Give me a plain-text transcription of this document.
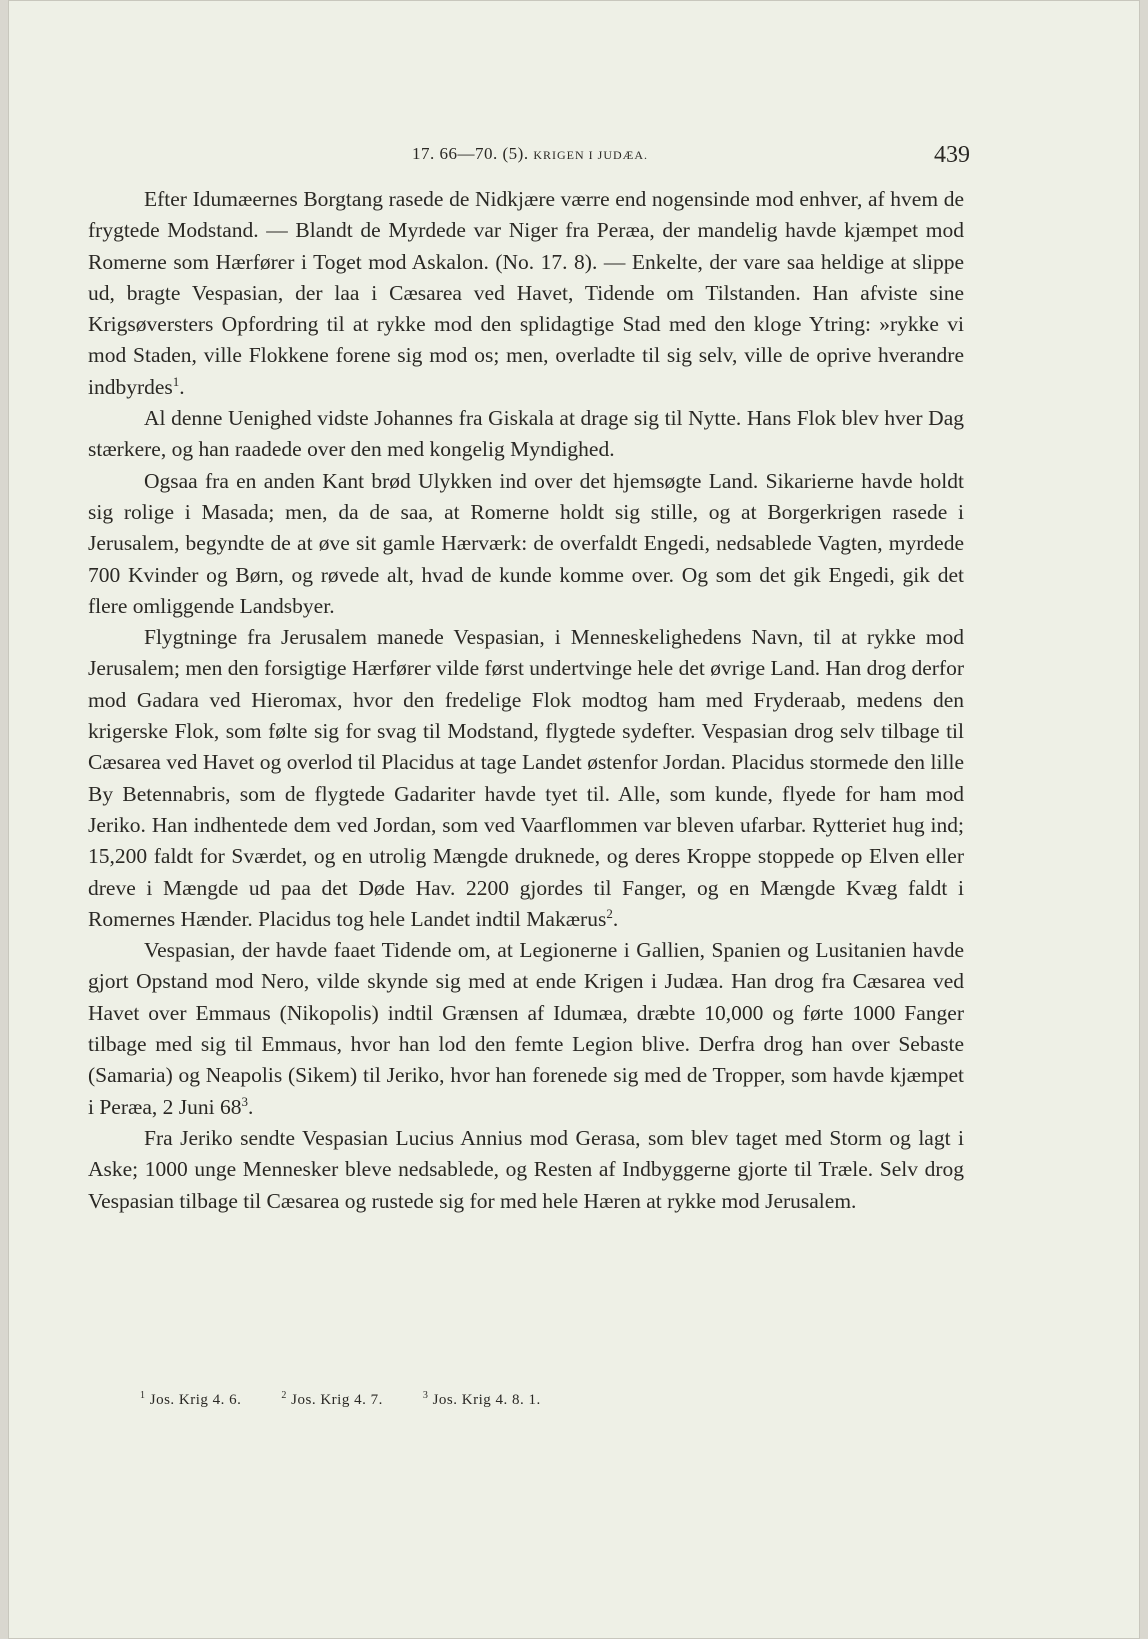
17. 66—70. (5). KRIGEN I JUDÆA.	439

Efter Idumæernes Borgtang rasede de Nidkjære værre end nogensinde mod enhver, af hvem de frygtede Modstand. — Blandt de Myrdede var Niger fra Peræa, der mandelig havde kjæmpet mod Romerne som Hærfører i Toget mod Askalon. (No. 17. 8). — Enkelte, der vare saa heldige at slippe ud, bragte Vespasian, der laa i Cæsarea ved Havet, Tidende om Tilstanden. Han afviste sine Krigsøversters Opfordring til at rykke mod den splidagtige Stad med den kloge Ytring: »rykke vi mod Staden, ville Flokkene forene sig mod os; men, overladte til sig selv, ville de oprive hverandre indbyrdes$^1$.

Al denne Uenighed vidste Johannes fra Giskala at drage sig til Nytte. Hans Flok blev hver Dag stærkere, og han raadede over den med kongelig Myndighed.

Ogsaa fra en anden Kant brød Ulykken ind over det hjemsøgte Land. Sikarierne havde holdt sig rolige i Masada; men, da de saa, at Romerne holdt sig stille, og at Borgerkrigen rasede i Jerusalem, begyndte de at øve sit gamle Hærværk: de overfaldt Engedi, nedsablede Vagten, myrdede 700 Kvinder og Børn, og røvede alt, hvad de kunde komme over. Og som det gik Engedi, gik det flere omliggende Landsbyer.

Flygtninge fra Jerusalem manede Vespasian, i Menneskelighedens Navn, til at rykke mod Jerusalem; men den forsigtige Hærfører vilde først undertvinge hele det øvrige Land. Han drog derfor mod Gadara ved Hieromax, hvor den fredelige Flok modtog ham med Fryderaab, medens den krigerske Flok, som følte sig for svag til Modstand, flygtede sydefter. Vespasian drog selv tilbage til Cæsarea ved Havet og overlod til Placidus at tage Landet østenfor Jordan. Placidus stormede den lille By Betennabris, som de flygtede Gadariter havde tyet til. Alle, som kunde, flyede for ham mod Jeriko. Han indhentede dem ved Jordan, som ved Vaarflommen var bleven ufarbar. Rytteriet hug ind; 15,200 faldt for Sværdet, og en utrolig Mængde druknede, og deres Kroppe stoppede op Elven eller dreve i Mængde ud paa det Døde Hav. 2200 gjordes til Fanger, og en Mængde Kvæg faldt i Romernes Hænder. Placidus tog hele Landet indtil Makærus$^2$.

Vespasian, der havde faaet Tidende om, at Legionerne i Gallien, Spanien og Lusitanien havde gjort Opstand mod Nero, vilde skynde sig med at ende Krigen i Judæa. Han drog fra Cæsarea ved Havet over Emmaus (Nikopolis) indtil Grænsen af Idumæa, dræbte 10,000 og førte 1000 Fanger tilbage med sig til Emmaus, hvor han lod den femte Legion blive. Derfra drog han over Sebaste (Samaria) og Neapolis (Sikem) til Jeriko, hvor han forenede sig med de Tropper, som havde kjæmpet i Peræa, 2 Juni $68^3$.

Fra Jeriko sendte Vespasian Lucius Annius mod Gerasa, som blev taget med Storm og lagt i Aske; 1000 unge Mennesker bleve nedsablede, og Resten af Indbyggerne gjorte til Træle. Selv drog Vespasian tilbage til Cæsarea og rustede sig for med hele Hæren at rykke mod Jerusalem.

$^1$ Jos. Krig 4. 6.	$^2$ Jos. Krig 4. 7.	$^3$ Jos. Krig 4. 8. 1.
